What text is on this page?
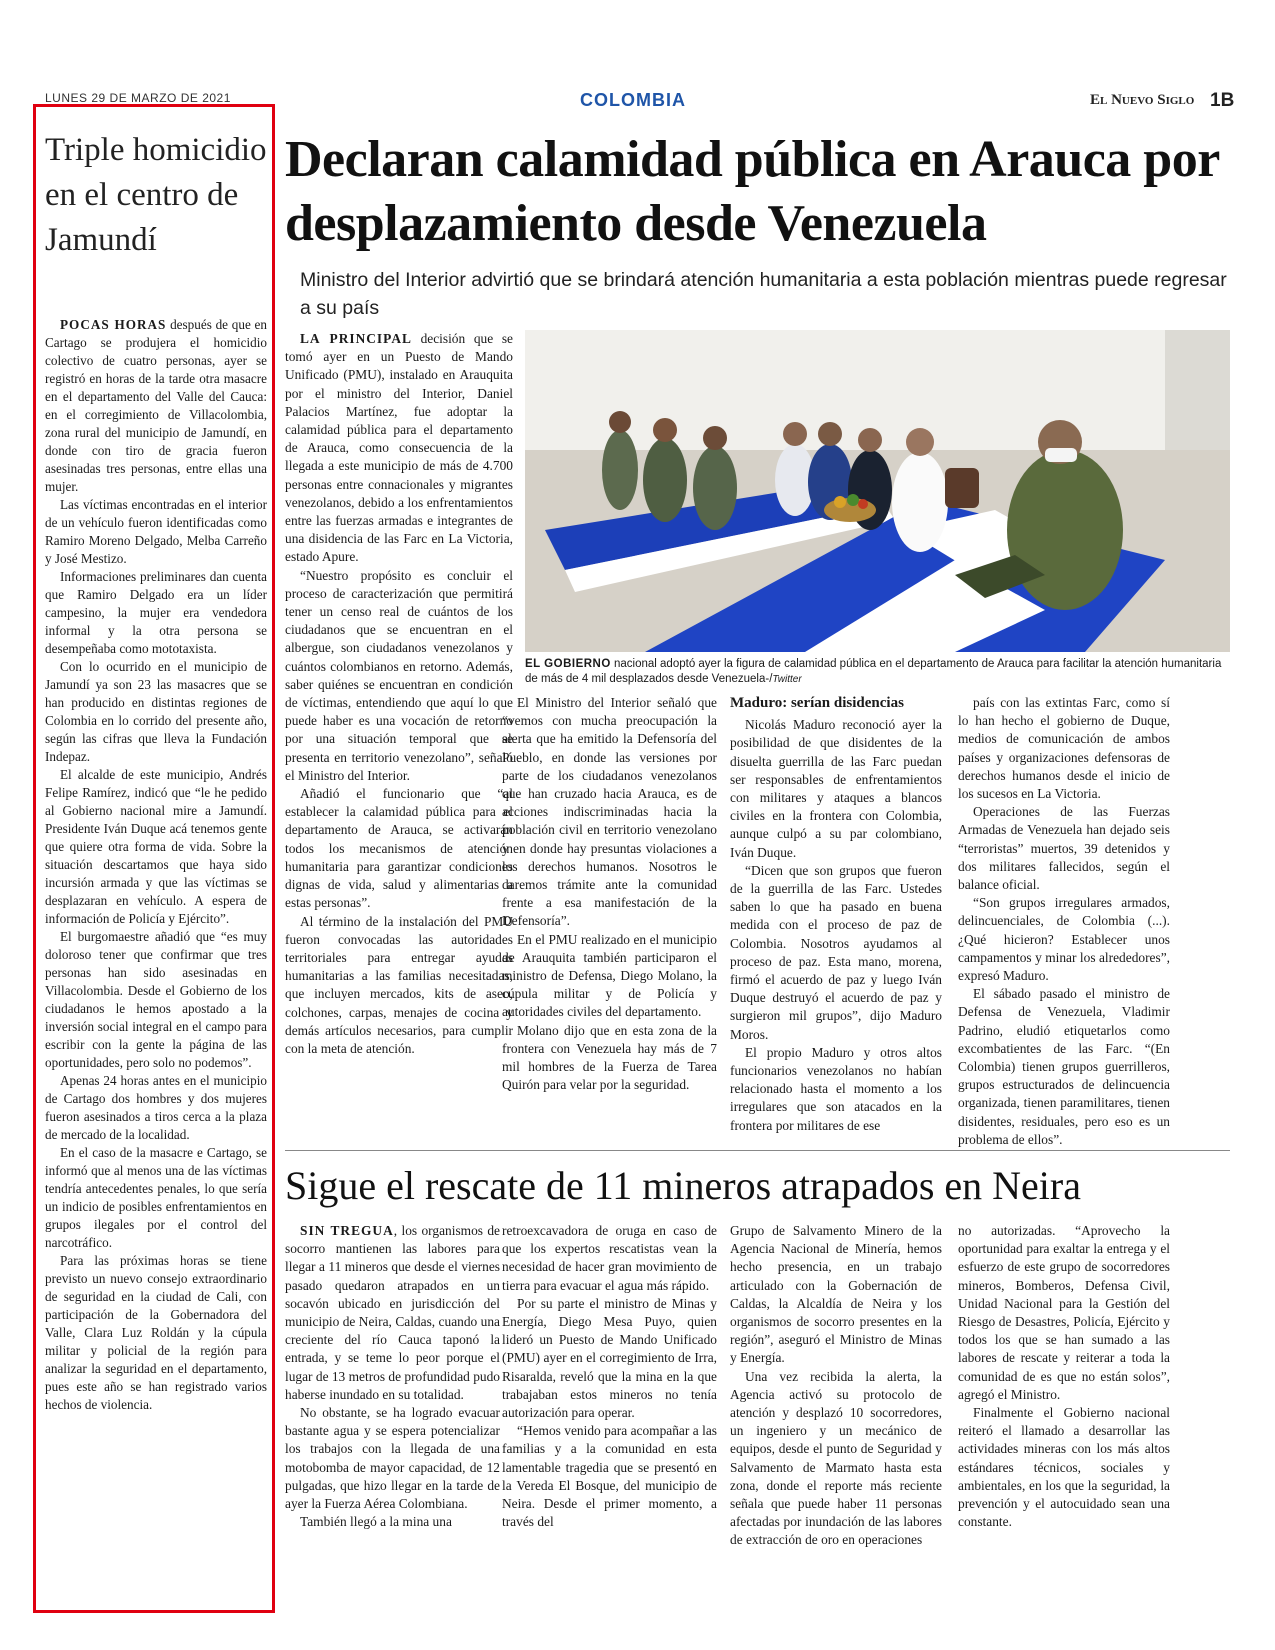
LUNES 29 DE MARZO DE 2021	COLOMBIA	El Nuevo Siglo 1B
Triple homicidio en el centro de Jamundí

POCAS HORAS después de que en Cartago se produjera el homicidio colectivo de cuatro personas, ayer se registró en horas de la tarde otra masacre en el departamento del Valle del Cauca: en el corregimiento de Villacolombia, zona rural del municipio de Jamundí, en donde con tiro de gracia fueron asesinadas tres personas, entre ellas una mujer.

Las víctimas encontradas en el interior de un vehículo fueron identificadas como Ramiro Moreno Delgado, Melba Carreño y José Mestizo.

Informaciones preliminares dan cuenta que Ramiro Delgado era un líder campesino, la mujer era vendedora informal y la otra persona se desempeñaba como mototaxista.

Con lo ocurrido en el municipio de Jamundí ya son 23 las masacres que se han producido en distintas regiones de Colombia en lo corrido del presente año, según las cifras que lleva la Fundación Indepaz.

El alcalde de este municipio, Andrés Felipe Ramírez, indicó que “le he pedido al Gobierno nacional mire a Jamundí. Presidente Iván Duque acá tenemos gente que quiere otra forma de vida. Sobre la situación descartamos que haya sido incursión armada y que las víctimas se desplazaran en vehículo. A espera de información de Policía y Ejército”.

El burgomaestre añadió que “es muy doloroso tener que confirmar que tres personas han sido asesinadas en Villacolombia. Desde el Gobierno de los ciudadanos le hemos apostado a la inversión social integral en el campo para escribir con la gente la página de las oportunidades, pero solo no podemos”.

Apenas 24 horas antes en el municipio de Cartago dos hombres y dos mujeres fueron asesinados a tiros cerca a la plaza de mercado de la localidad.

En el caso de la masacre e Cartago, se informó que al menos una de las víctimas tendría antecedentes penales, lo que sería un indicio de posibles enfrentamientos en grupos ilegales por el control del narcotráfico.

Para las próximas horas se tiene previsto un nuevo consejo extraordinario de seguridad en la ciudad de Cali, con participación de la Gobernadora del Valle, Clara Luz Roldán y la cúpula militar y policial de la región para analizar la seguridad en el departamento, pues este año se han registrado varios hechos de violencia.

Declaran calamidad pública en Arauca por desplazamiento desde Venezuela
Ministro del Interior advirtió que se brindará atención humanitaria a esta población mientras puede regresar a su país

LA PRINCIPAL decisión que se tomó ayer en un Puesto de Mando Unificado (PMU), instalado en Arauquita por el ministro del Interior, Daniel Palacios Martínez, fue adoptar la calamidad pública para el departamento de Arauca, como consecuencia de la llegada a este municipio de más de 4.700 personas entre connacionales y migrantes venezolanos, debido a los enfrentamientos entre las fuerzas armadas e integrantes de una disidencia de las Farc en La Victoria, estado Apure.

“Nuestro propósito es concluir el proceso de caracterización que permitirá tener un censo real de cuántos de los ciudadanos que se encuentran en el albergue, son ciudadanos venezolanos y cuántos colombianos en retorno. Además, saber quiénes se encuentran en condición de víctimas, entendiendo que aquí lo que puede haber es una vocación de retorno por una situación temporal que se presenta en territorio venezolano”, señaló el Ministro del Interior.

Añadió el funcionario que “al establecer la calamidad pública para el departamento de Arauca, se activarán todos los mecanismos de atención humanitaria para garantizar condiciones dignas de vida, salud y alimentarias a estas personas”.

Al término de la instalación del PMU fueron convocadas las autoridades territoriales para entregar ayudas humanitarias a las familias necesitadas, que incluyen mercados, kits de aseo, colchones, carpas, menajes de cocina y demás artículos necesarios, para cumplir con la meta de atención.

EL GOBIERNO nacional adoptó ayer la figura de calamidad pública en el departamento de Arauca para facilitar la atención humanitaria de más de 4 mil desplazados desde Venezuela-/Twitter

El Ministro del Interior señaló que “vemos con mucha preocupación la alerta que ha emitido la Defensoría del Pueblo, en donde las versiones por parte de los ciudadanos venezolanos que han cruzado hacia Arauca, es de acciones indiscriminadas hacia la población civil en territorio venezolano y en donde hay presuntas violaciones a los derechos humanos. Nosotros le daremos trámite ante la comunidad frente a esa manifestación de la Defensoría”.

En el PMU realizado en el municipio de Arauquita también participaron el ministro de Defensa, Diego Molano, la cúpula militar y de Policía y autoridades civiles del departamento.

Molano dijo que en esta zona de la frontera con Venezuela hay más de 7 mil hombres de la Fuerza de Tarea Quirón para velar por la seguridad.

Maduro: serían disidencias

Nicolás Maduro reconoció ayer la posibilidad de que disidentes de la disuelta guerrilla de las Farc puedan ser responsables de enfrentamientos con militares y ataques a blancos civiles en la frontera con Colombia, aunque culpó a su par colombiano, Iván Duque.

“Dicen que son grupos que fueron de la guerrilla de las Farc. Ustedes saben lo que ha pasado en buena medida con el proceso de paz de Colombia. Nosotros ayudamos al proceso de paz. Esta mano, morena, firmó el acuerdo de paz y luego Iván Duque destruyó el acuerdo de paz y surgieron mil grupos”, dijo Maduro Moros.

El propio Maduro y otros altos funcionarios venezolanos no habían relacionado hasta el momento a los irregulares que son atacados en la frontera por militares de ese

país con las extintas Farc, como sí lo han hecho el gobierno de Duque, medios de comunicación de ambos países y organizaciones defensoras de derechos humanos desde el inicio de los sucesos en La Victoria.

Operaciones de las Fuerzas Armadas de Venezuela han dejado seis “terroristas” muertos, 39 detenidos y dos militares fallecidos, según el balance oficial.

“Son grupos irregulares armados, delincuenciales, de Colombia (...). ¿Qué hicieron? Establecer unos campamentos y minar los alrededores”, expresó Maduro.

El sábado pasado el ministro de Defensa de Venezuela, Vladimir Padrino, eludió etiquetarlos como excombatientes de las Farc. “(En Colombia) tienen grupos guerrilleros, grupos estructurados de delincuencia organizada, tienen paramilitares, tienen disidentes, residuales, pero eso es un problema de ellos”.

Sigue el rescate de 11 mineros atrapados en Neira

SIN TREGUA, los organismos de socorro mantienen las labores para llegar a 11 mineros que desde el viernes pasado quedaron atrapados en un socavón ubicado en jurisdicción del municipio de Neira, Caldas, cuando una creciente del río Cauca taponó la entrada, y se teme lo peor porque el lugar de 13 metros de profundidad pudo haberse inundado en su totalidad.

No obstante, se ha logrado evacuar bastante agua y se espera potencializar los trabajos con la llegada de una motobomba de mayor capacidad, de 12 pulgadas, que hizo llegar en la tarde de ayer la Fuerza Aérea Colombiana.

También llegó a la mina una

retroexcavadora de oruga en caso de que los expertos rescatistas vean la necesidad de hacer gran movimiento de tierra para evacuar el agua más rápido.

Por su parte el ministro de Minas y Energía, Diego Mesa Puyo, quien lideró un Puesto de Mando Unificado (PMU) ayer en el corregimiento de Irra, Risaralda, reveló que la mina en la que trabajaban estos mineros no tenía autorización para operar.

“Hemos venido para acompañar a las familias y a la comunidad en esta lamentable tragedia que se presentó en la Vereda El Bosque, del municipio de Neira. Desde el primer momento, a través del

Grupo de Salvamento Minero de la Agencia Nacional de Minería, hemos hecho presencia, en un trabajo articulado con la Gobernación de Caldas, la Alcaldía de Neira y los organismos de socorro presentes en la región”, aseguró el Ministro de Minas y Energía.

Una vez recibida la alerta, la Agencia activó su protocolo de atención y desplazó 10 socorredores, un ingeniero y un mecánico de equipos, desde el punto de Seguridad y Salvamento de Marmato hasta esta zona, donde el reporte más reciente señala que puede haber 11 personas afectadas por inundación de las labores de extracción de oro en operaciones

no autorizadas. “Aprovecho la oportunidad para exaltar la entrega y el esfuerzo de este grupo de socorredores mineros, Bomberos, Defensa Civil, Unidad Nacional para la Gestión del Riesgo de Desastres, Policía, Ejército y todos los que se han sumado a las labores de rescate y reiterar a toda la comunidad de es que no están solos”, agregó el Ministro.

Finalmente el Gobierno nacional reiteró el llamado a desarrollar las actividades mineras con los más altos estándares técnicos, sociales y ambientales, en los que la seguridad, la prevención y el autocuidado sean una constante.
